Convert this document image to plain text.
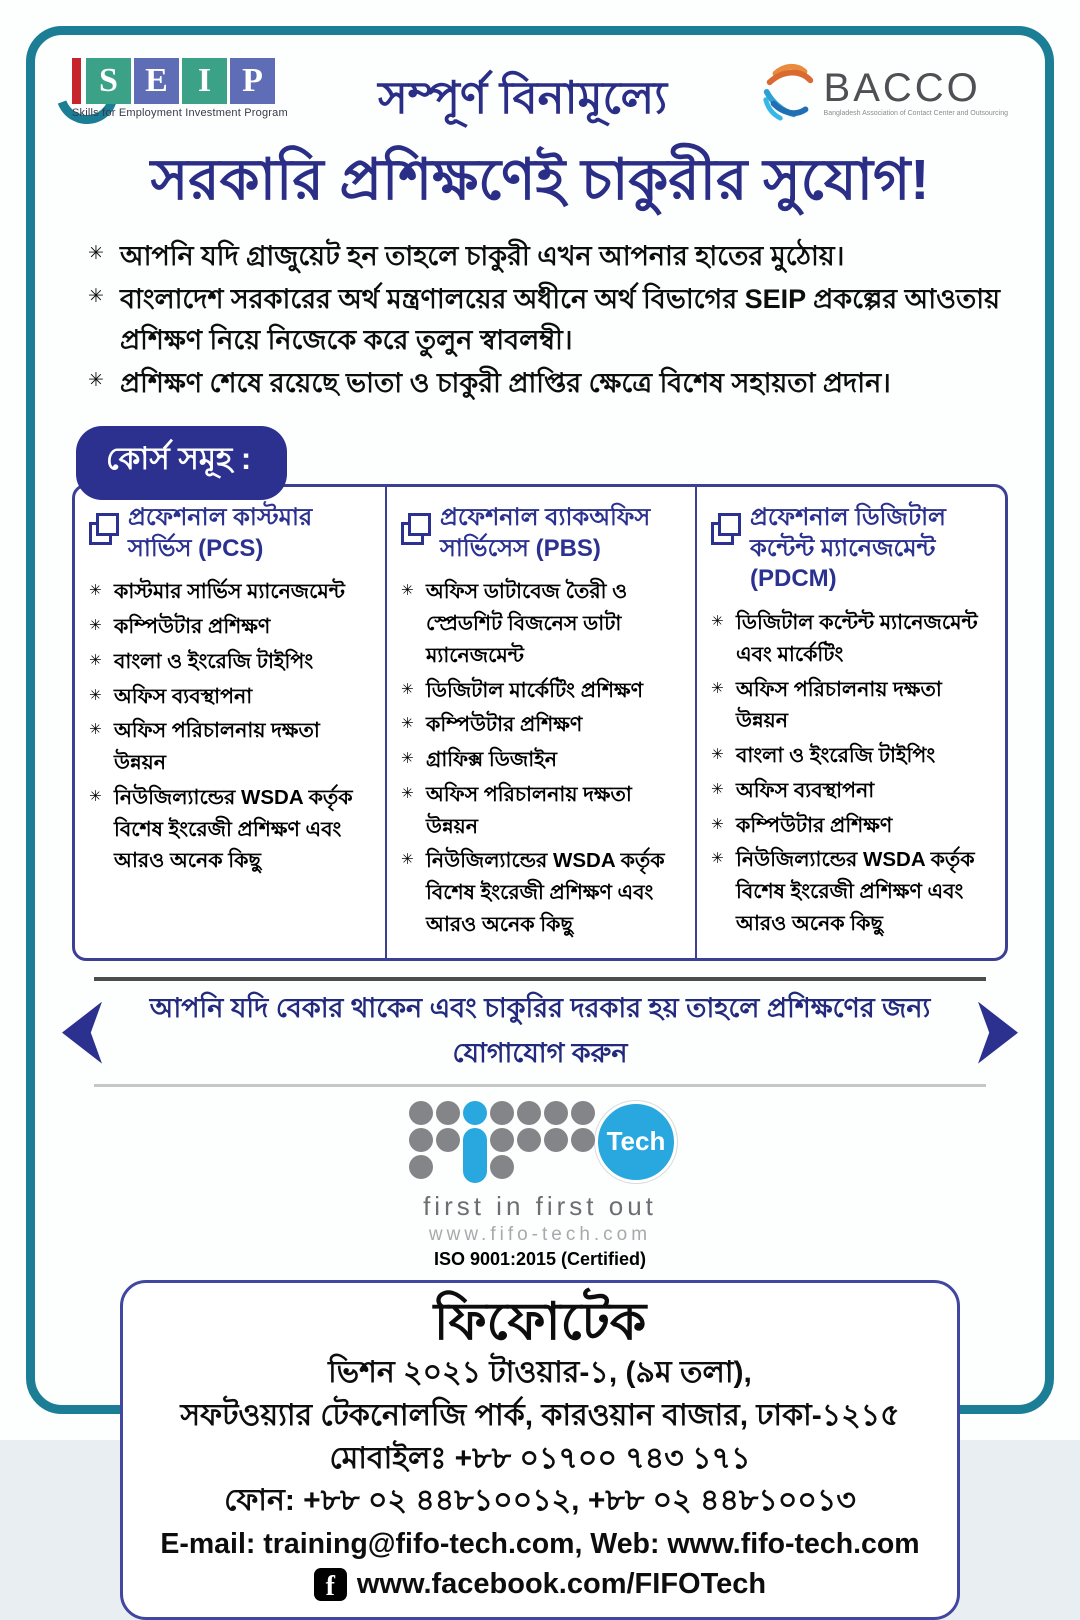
S E I P
Skills for Employment Investment Program সম্পূর্ণ বিনামূল্যে	BACCO
Bangladesh Association of Contact Center and Outsourcing
সরকারি প্রশিক্ষণেই চাকুরীর সুযোগ!
✳ আপনি যদি গ্রাজুয়েট হন তাহলে চাকুরী এখন আপনার হাতের মুঠোয়।
✳ বাংলাদেশ সরকারের অর্থ মন্ত্রণালয়ের অধীনে অর্থ বিভাগের SEIP প্রকল্পের আওতায় প্রশিক্ষণ নিয়ে নিজেকে করে তুলুন স্বাবলম্বী।
✳ প্রশিক্ষণ শেষে রয়েছে ভাতা ও চাকুরী প্রাপ্তির ক্ষেত্রে বিশেষ সহায়তা প্রদান।
কোর্স সমূহ :
প্রফেশনাল কাস্টমার সার্ভিস (PCS)
✳ কাস্টমার সার্ভিস ম্যানেজমেন্ট
✳ কম্পিউটার প্রশিক্ষণ
✳ বাংলা ও ইংরেজি টাইপিং
✳ অফিস ব্যবস্থাপনা
✳ অফিস পরিচালনায় দক্ষতা উন্নয়ন
✳ নিউজিল্যান্ডের WSDA কর্তৃক বিশেষ ইংরেজী প্রশিক্ষণ এবং আরও অনেক কিছু
প্রফেশনাল ব্যাকঅফিস সার্ভিসেস (PBS)
✳ অফিস ডাটাবেজ তৈরী ও স্প্রেডশিট বিজনেস ডাটা ম্যানেজমেন্ট
✳ ডিজিটাল মার্কেটিং প্রশিক্ষণ
✳ কম্পিউটার প্রশিক্ষণ
✳ গ্রাফিক্স ডিজাইন
✳ অফিস পরিচালনায় দক্ষতা উন্নয়ন
✳ নিউজিল্যান্ডের WSDA কর্তৃক বিশেষ ইংরেজী প্রশিক্ষণ এবং আরও অনেক কিছু
প্রফেশনাল ডিজিটাল কন্টেন্ট ম্যানেজমেন্ট (PDCM)
✳ ডিজিটাল কন্টেন্ট ম্যানেজমেন্ট এবং মার্কেটিং
✳ অফিস পরিচালনায় দক্ষতা উন্নয়ন
✳ বাংলা ও ইংরেজি টাইপিং
✳ অফিস ব্যবস্থাপনা
✳ কম্পিউটার প্রশিক্ষণ
✳ নিউজিল্যান্ডের WSDA কর্তৃক বিশেষ ইংরেজী প্রশিক্ষণ এবং আরও অনেক কিছু
আপনি যদি বেকার থাকেন এবং চাকুরির দরকার হয় তাহলে প্রশিক্ষণের জন্য যোগাযোগ করুন
Tech
first in first out
www.fifo-tech.com
ISO 9001:2015 (Certified)
ফিফোটেক
ভিশন ২০২১ টাওয়ার-১, (৯ম তলা),
সফটওয়্যার টেকনোলজি পার্ক, কারওয়ান বাজার, ঢাকা-১২১৫
মোবাইলঃ +৮৮ ০১৭০০ ৭৪৩ ১৭১
ফোন: +৮৮ ০২ ৪৪৮১০০১২, +৮৮ ০২ ৪৪৮১০০১৩
E-mail: training@fifo-tech.com, Web: www.fifo-tech.com
f www.facebook.com/FIFOTech
